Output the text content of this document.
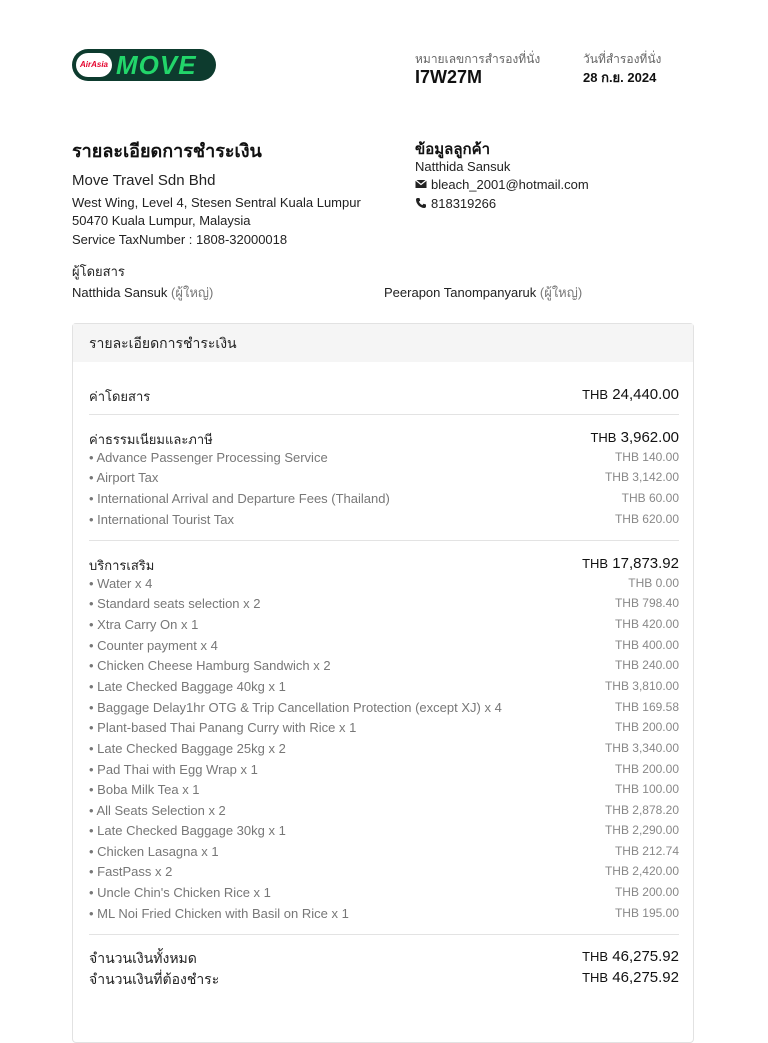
AirAsia MOVE	หมายเลขการสำรองที่นั่ง
I7W27M
วันที่สำรองที่นั่ง
28 ก.ย. 2024
รายละเอียดการชำระเงิน
Move Travel Sdn Bhd
West Wing, Level 4, Stesen Sentral Kuala Lumpur
50470 Kuala Lumpur, Malaysia
Service TaxNumber : 1808-32000018
ข้อมูลลูกค้า
Natthida Sansuk
bleach_2001@hotmail.com
818319266
ผู้โดยสาร
Natthida Sansuk (ผู้ใหญ่)	Peerapon Tanompanyaruk (ผู้ใหญ่)
รายละเอียดการชำระเงิน
ค่าโดยสาร	THB 24,440.00
ค่าธรรมเนียมและภาษี	THB 3,962.00
• Advance Passenger Processing Service	THB 140.00
• Airport Tax	THB 3,142.00
• International Arrival and Departure Fees (Thailand)	THB 60.00
• International Tourist Tax	THB 620.00
บริการเสริม	THB 17,873.92
• Water x 4	THB 0.00
• Standard seats selection x 2	THB 798.40
• Xtra Carry On x 1	THB 420.00
• Counter payment x 4	THB 400.00
• Chicken Cheese Hamburg Sandwich x 2	THB 240.00
• Late Checked Baggage 40kg x 1	THB 3,810.00
• Baggage Delay1hr OTG & Trip Cancellation Protection (except XJ) x 4	THB 169.58
• Plant-based Thai Panang Curry with Rice x 1	THB 200.00
• Late Checked Baggage 25kg x 2	THB 3,340.00
• Pad Thai with Egg Wrap x 1	THB 200.00
• Boba Milk Tea x 1	THB 100.00
• All Seats Selection x 2	THB 2,878.20
• Late Checked Baggage 30kg x 1	THB 2,290.00
• Chicken Lasagna x 1	THB 212.74
• FastPass x 2	THB 2,420.00
• Uncle Chin's Chicken Rice x 1	THB 200.00
• ML Noi Fried Chicken with Basil on Rice x 1	THB 195.00
จำนวนเงินทั้งหมด	THB 46,275.92
จำนวนเงินที่ต้องชำระ	THB 46,275.92
